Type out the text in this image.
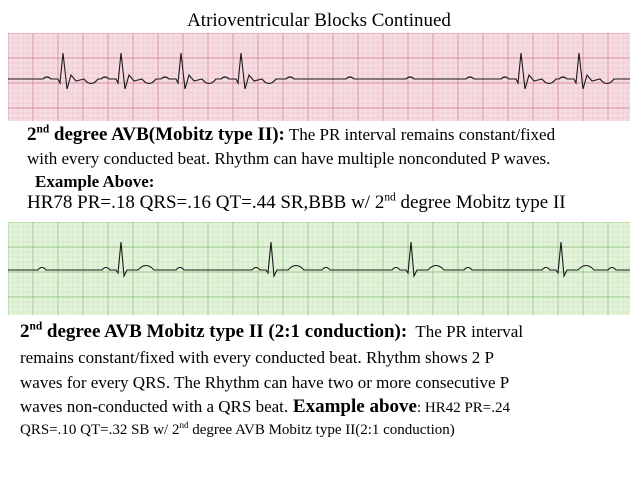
Atrioventricular Blocks Continued
2nd degree AVB(Mobitz type II): The PR interval remains constant/fixed
with every conducted beat. Rhythm can have multiple nonconduted P waves.
Example Above:
HR78 PR=.18 QRS=.16 QT=.44 SR,BBB w/ 2nd degree Mobitz type II
2nd degree AVB Mobitz type II (2:1 conduction):  The PR interval
remains constant/fixed with every conducted beat. Rhythm shows 2 P
waves for every QRS. The Rhythm can have two or more consecutive P
waves non-conducted with a QRS beat. Example above: HR42 PR=.24
QRS=.10 QT=.32 SB w/ 2nd degree AVB Mobitz type II(2:1 conduction)
